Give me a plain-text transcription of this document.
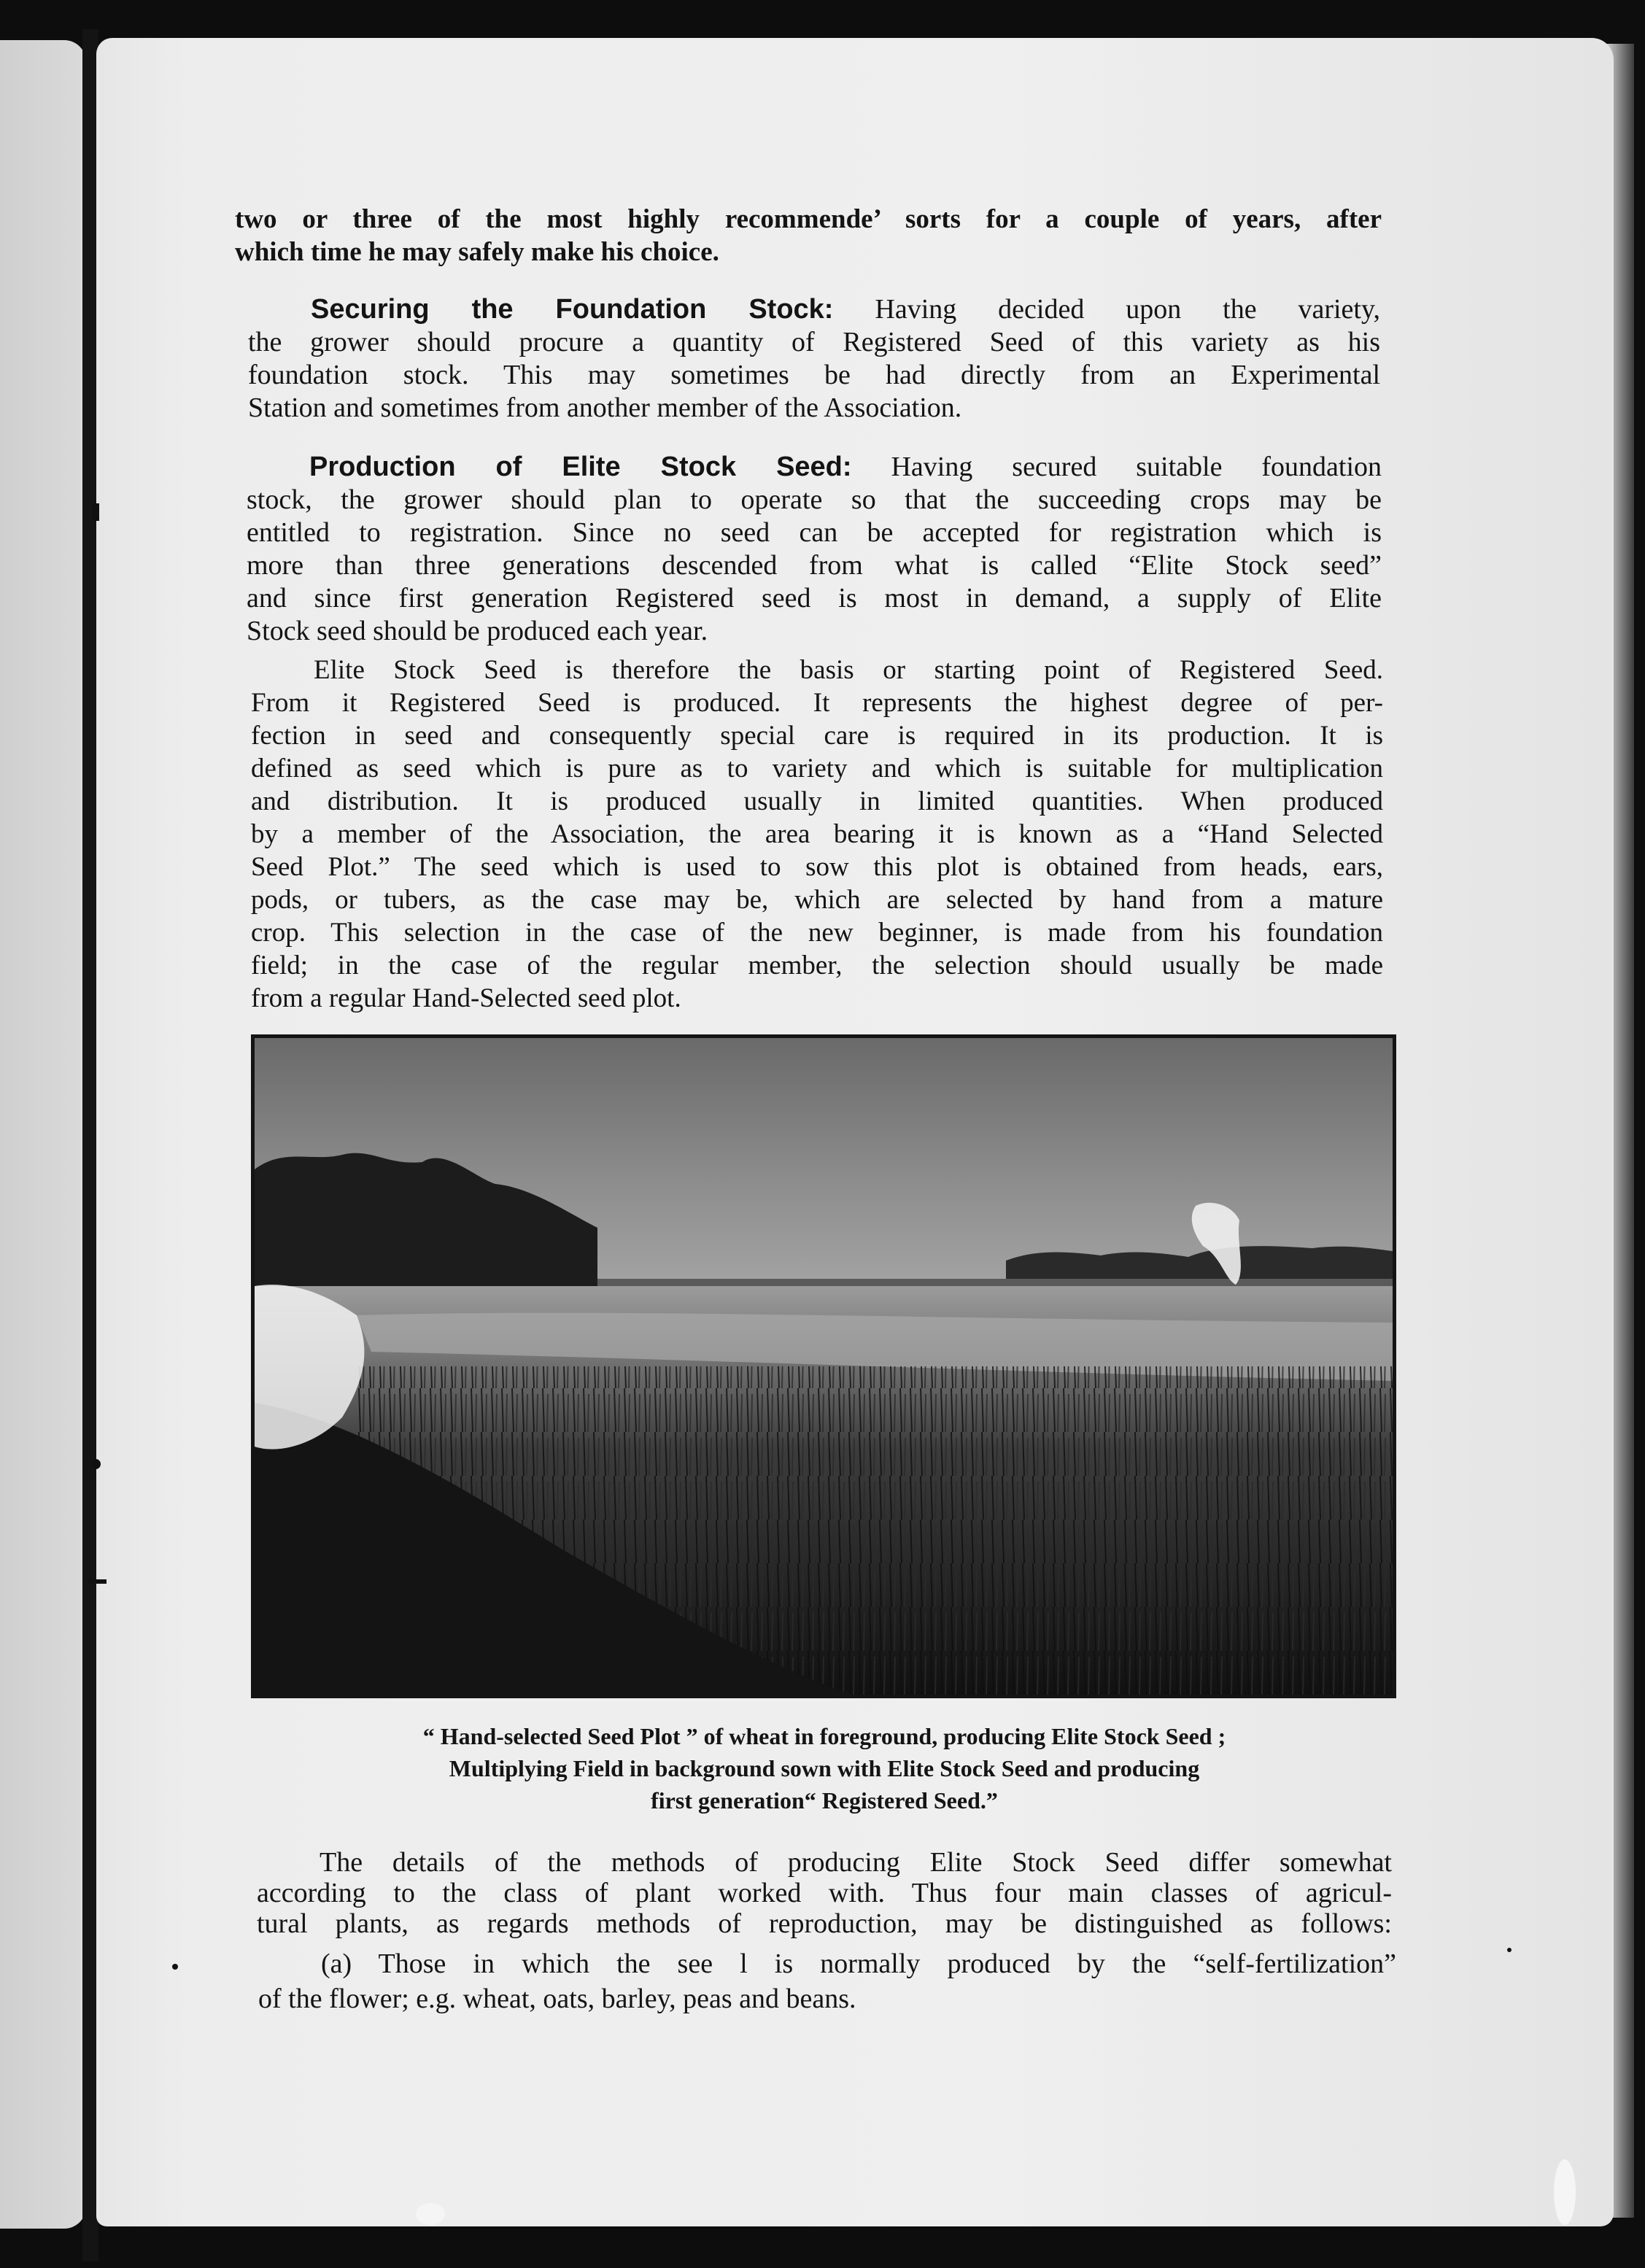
two or three of the most highly recommende’ sorts for a couple of years, after
which time he may safely make his choice.
Securing the Foundation Stock: Having decided upon the variety,
the grower should procure a quantity of Registered Seed of this variety as his
foundation stock. This may sometimes be had directly from an Experimental
Station and sometimes from another member of the Association.
Production of Elite Stock Seed: Having secured suitable foundation
stock, the grower should plan to operate so that the succeeding crops may be
entitled to registration. Since no seed can be accepted for registration which is
more than three generations descended from what is called “Elite Stock seed”
and since first generation Registered seed is most in demand, a supply of Elite
Stock seed should be produced each year.
Elite Stock Seed is therefore the basis or starting point of Registered Seed.
From it Registered Seed is produced. It represents the highest degree of per-
fection in seed and consequently special care is required in its production. It is
defined as seed which is pure as to variety and which is suitable for multiplication
and distribution. It is produced usually in limited quantities. When produced
by a member of the Association, the area bearing it is known as a “Hand Selected
Seed Plot.” The seed which is used to sow this plot is obtained from heads, ears,
pods, or tubers, as the case may be, which are selected by hand from a mature
crop. This selection in the case of the new beginner, is made from his foundation
field; in the case of the regular member, the selection should usually be made
from a regular Hand-Selected seed plot.
“ Hand-selected Seed Plot ” of wheat in foreground, producing Elite Stock Seed ;
Multiplying Field in background sown with Elite Stock Seed and producing
first generation“ Registered Seed.”
The details of the methods of producing Elite Stock Seed differ somewhat
according to the class of plant worked with. Thus four main classes of agricul-
tural plants, as regards methods of reproduction, may be distinguished as follows:
(a) Those in which the see l is normally produced by the “self-fertilization”
of the flower; e.g. wheat, oats, barley, peas and beans.
